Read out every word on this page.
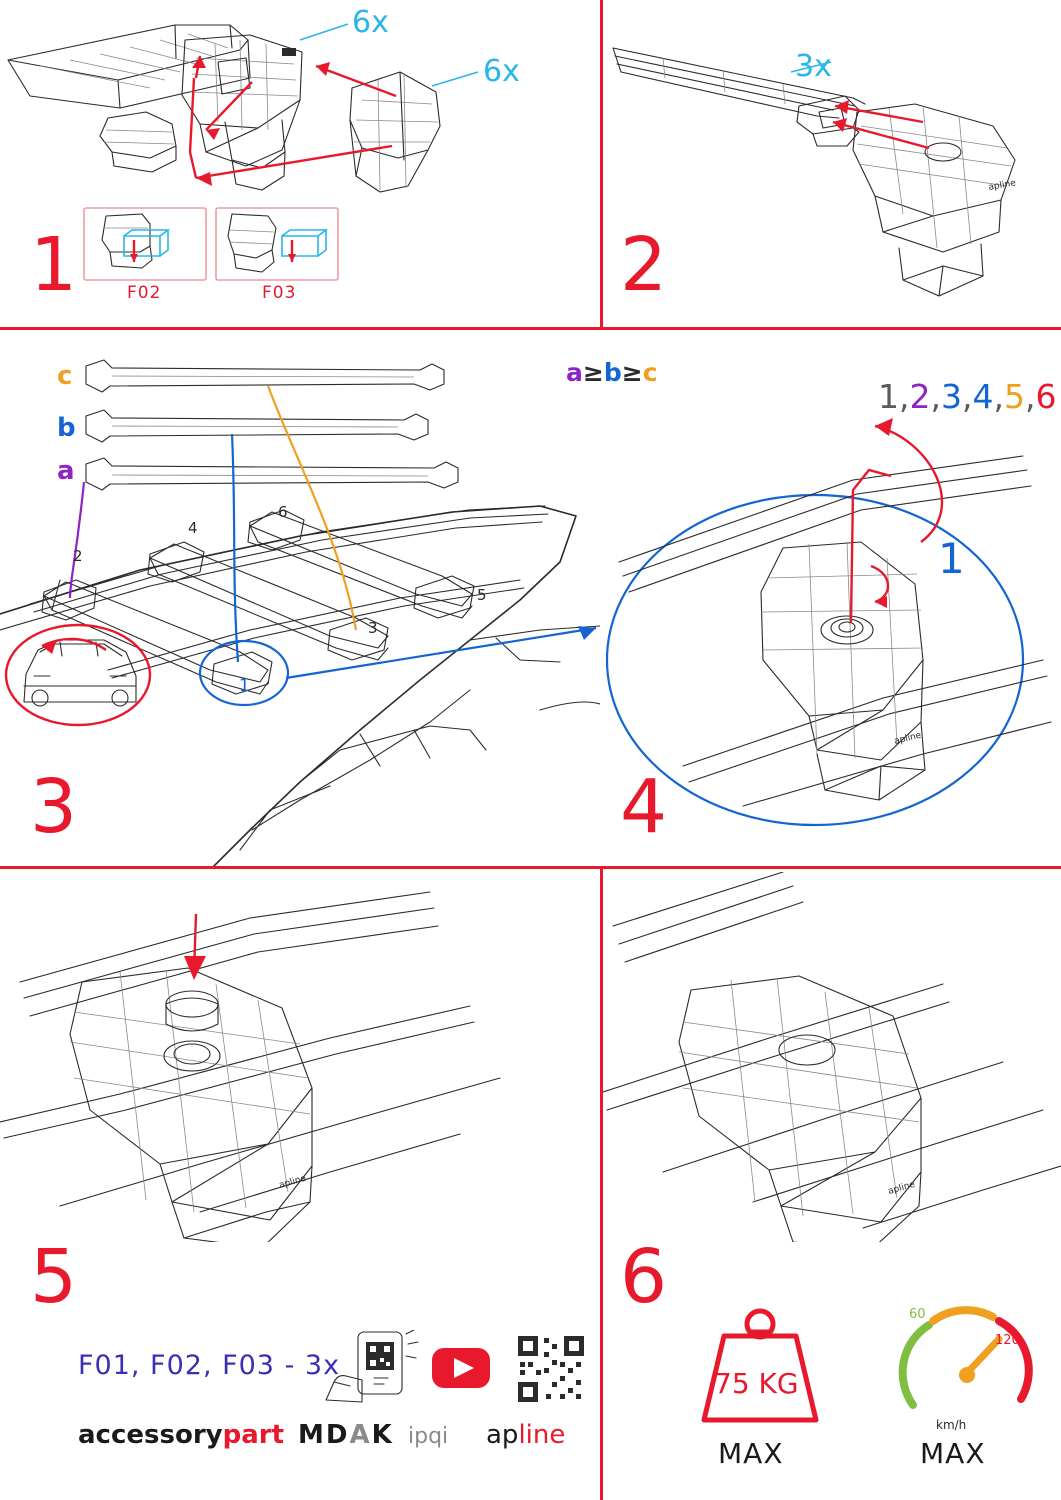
6x
6x
F02	F03
1
apline
3x
2
c
b
a
a≥b≥c
2
4
6
3
5
1
3
apline
1,2,3,4,5,6
1
4
apline	apline
5	6
F01, F02, F03 - 3x
accessorypart MDAK ipqi apline
75 KG
MAX
60
120
km/h
MAX
